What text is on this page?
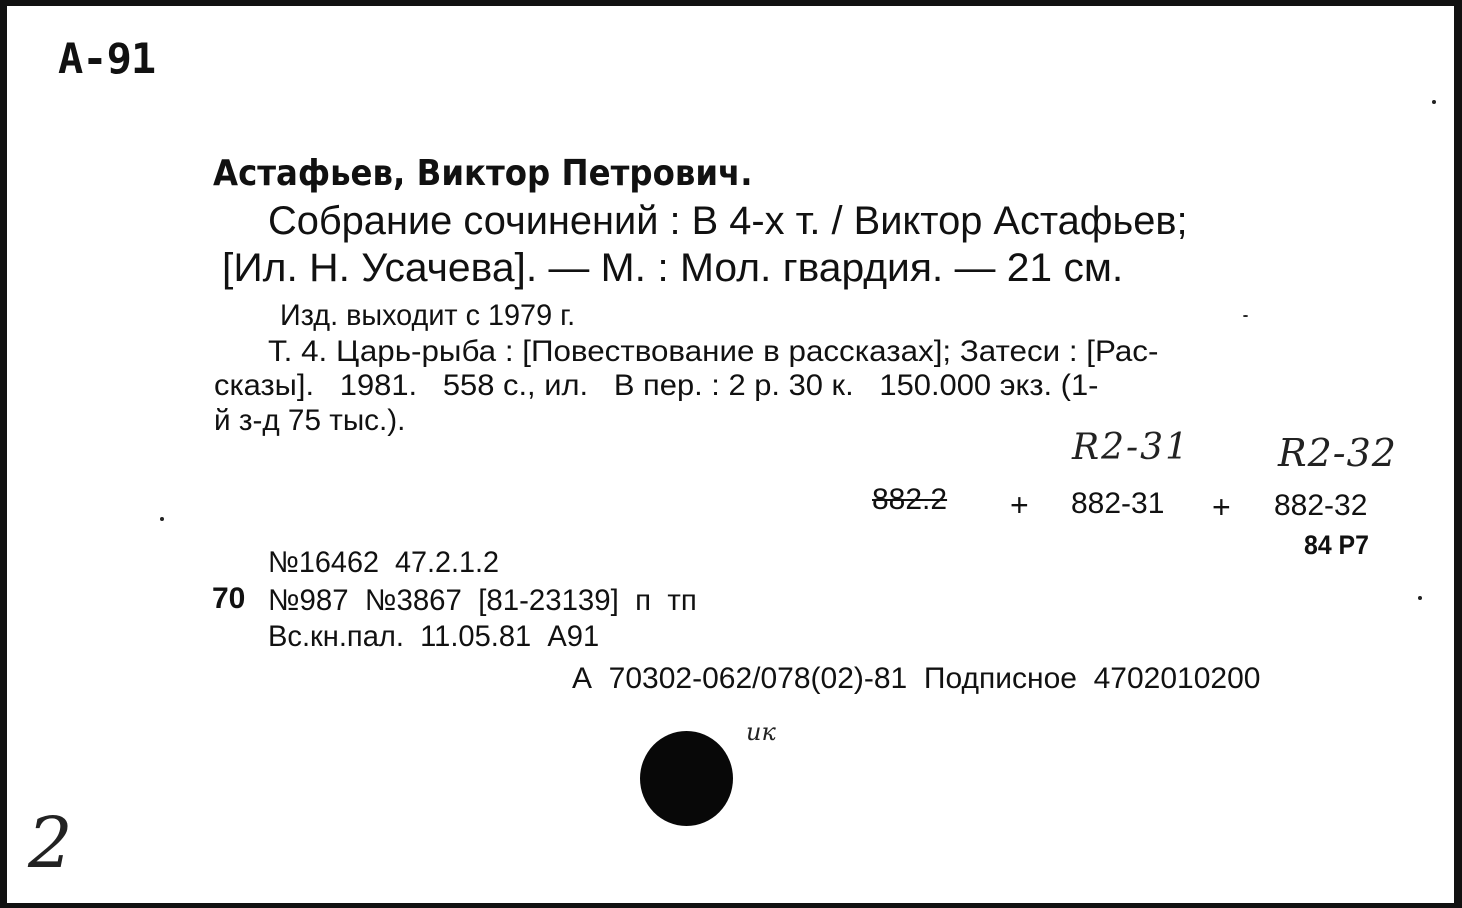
А-91
Астафьев, Виктор Петрович.
Собрание сочинений : В 4-х т. / Виктор Астафьев;
[Ил. Н. Усачева]. — М. : Мол. гвардия. — 21 см.
Изд. выходит с 1979 г.
Т. 4. Царь-рыба : [Повествование в рассказах]; Затеси : [Рас-
сказы].   1981.   558 с., ил.   В пер. : 2 р. 30 к.   150.000 экз. (1-
й з-д 75 тыс.).
R2-31 R2-32
882.2 + 882-31 + 882-32
84 Р7
№16462  47.2.1.2
70 №987  №3867  [81-23139]  п  тп
Вс.кн.пал.  11.05.81  А91
А  70302-062/078(02)-81  Подписное  4702010200
ик
2
